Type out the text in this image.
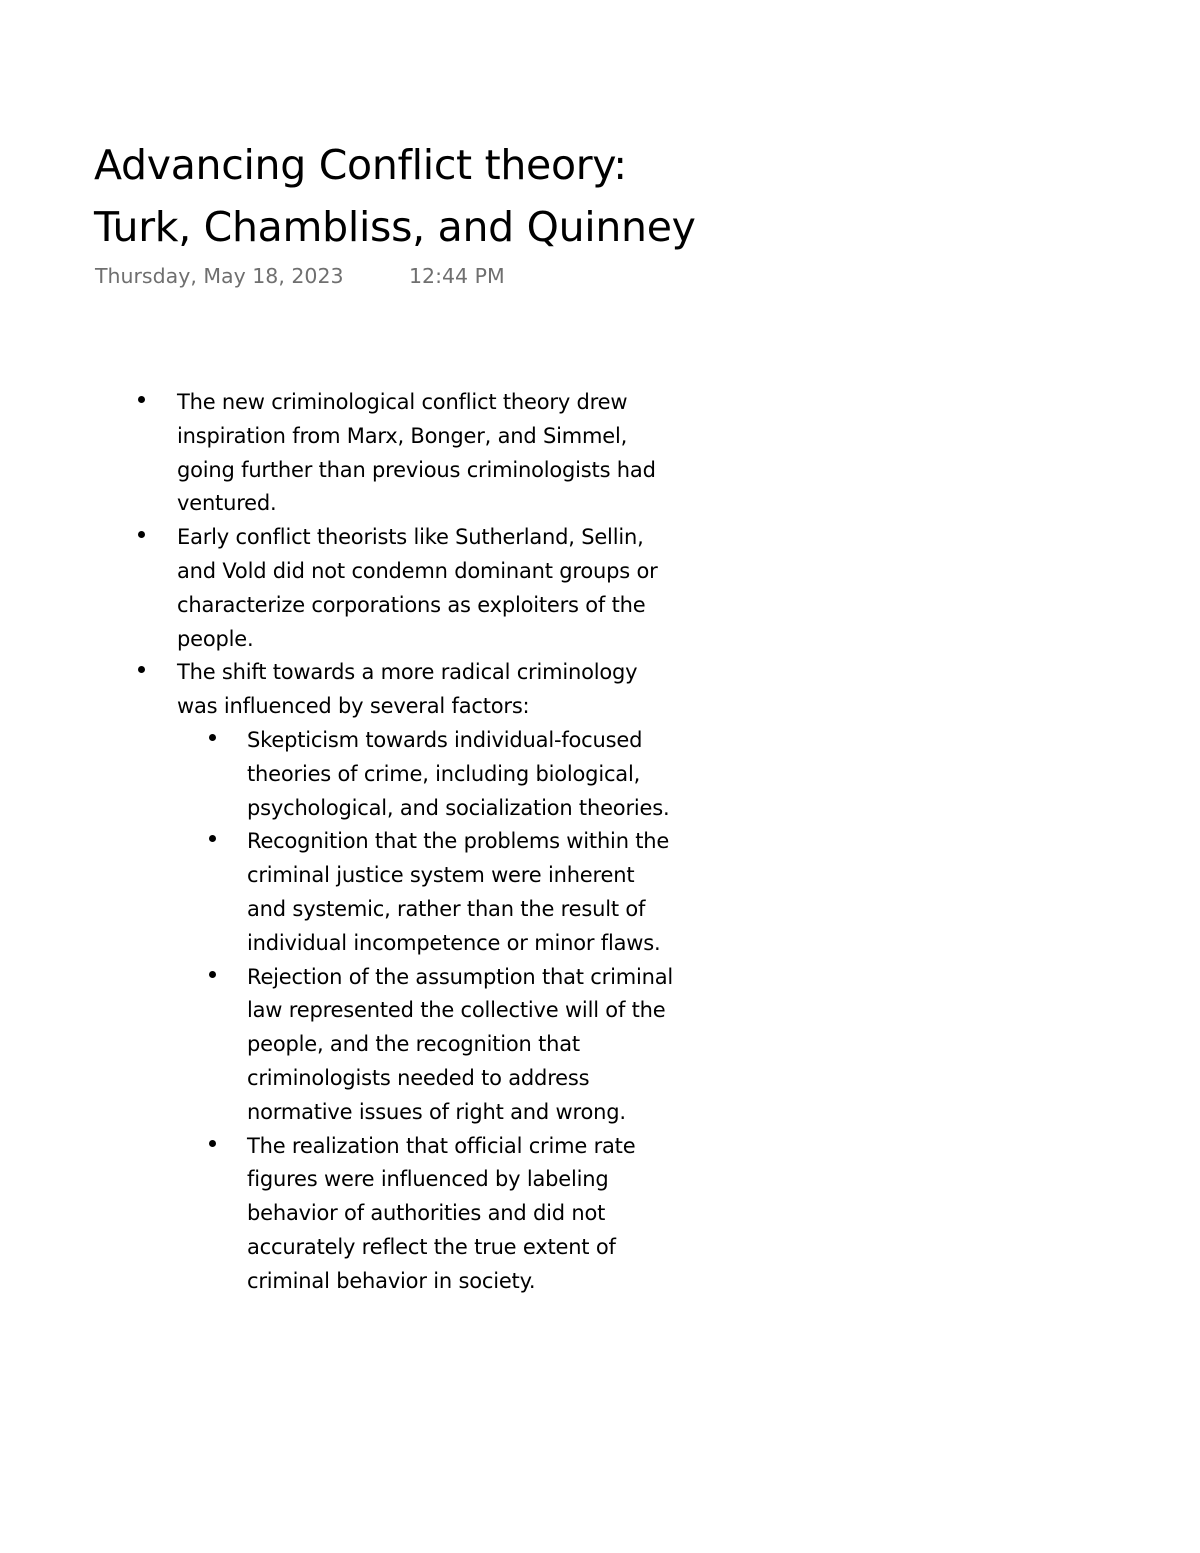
Advancing Conflict theory:
Turk, Chambliss, and Quinney
Thursday, May 18, 2023	12:44 PM
The new criminological conflict theory drew inspiration from Marx, Bonger, and Simmel, going further than previous criminologists had ventured.
Early conflict theorists like Sutherland, Sellin, and Vold did not condemn dominant groups or characterize corporations as exploiters of the people.
The shift towards a more radical criminology was influenced by several factors:
Skepticism towards individual-focused theories of crime, including biological, psychological, and socialization theories.
Recognition that the problems within the criminal justice system were inherent and systemic, rather than the result of individual incompetence or minor flaws.
Rejection of the assumption that criminal law represented the collective will of the people, and the recognition that criminologists needed to address normative issues of right and wrong.
The realization that official crime rate figures were influenced by labeling behavior of authorities and did not accurately reflect the true extent of criminal behavior in society.
